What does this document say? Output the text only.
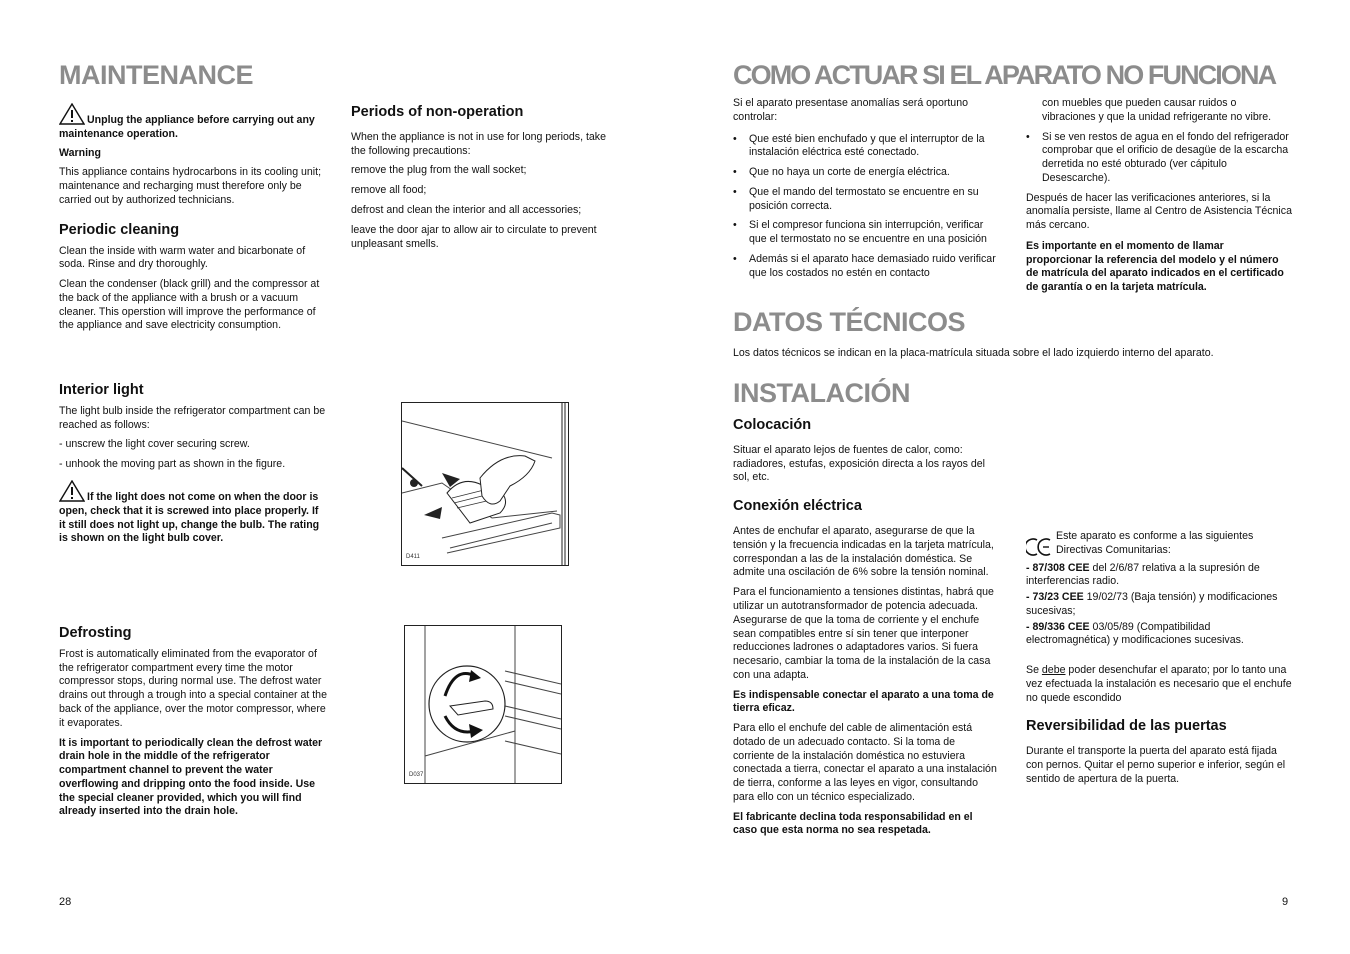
MAINTENANCE

Unplug the appliance before carrying out any maintenance operation.

Warning

This appliance contains hydrocarbons in its cooling unit; maintenance and recharging must therefore only be carried out by authorized technicians.

Periodic cleaning

Clean the inside with warm water and bicarbonate of soda. Rinse and dry thoroughly.

Clean the condenser (black grill) and the compressor at the back of the appliance with a brush or a vacuum cleaner. This operstion will improve the performance of the appliance and save electricity consumption.

Interior light

The light bulb inside the refrigerator compartment can be reached as follows:

- unscrew the light cover securing screw.

- unhook the moving part as shown in the figure.

If the light does not come on when the door is open, check that it is screwed into place properly. If it still does not light up, change the bulb. The rating is shown on the light bulb cover.

Defrosting

Frost is automatically eliminated from the evaporator of the refrigerator compartment every time the motor compressor stops, during normal use. The defrost water drains out through a trough into a special container at the back of the appliance, over the motor compressor, where it evaporates.

It is important to periodically clean the defrost water drain hole in the middle of the refrigerator compartment channel to prevent the water overflowing and dripping onto the food inside. Use the special cleaner provided, which you will find already inserted into the drain hole.

Periods of non-operation

When the appliance is not in use for long periods, take the following precautions:

remove the plug from the wall socket;

remove all food;

defrost and clean the interior and all accessories;

leave the door ajar to allow air to circulate to prevent unpleasant smells.

D411
D037
28
COMO ACTUAR SI EL APARATO NO FUNCIONA

Si el aparato presentase anomalías será oportuno controlar:

• Que esté bien enchufado y que el interruptor de la instalación eléctrica esté conectado.
• Que no haya un corte de energía eléctrica.
• Que el mando del termostato se encuentre en su posición correcta.
• Si el compresor funciona sin interrupción, verificar que el termostato no se encuentre en una posición
• Además si el aparato hace demasiado ruido verificar que los costados no estén en contacto

con muebles que pueden causar ruidos o vibraciones y que la unidad refrigerante no vibre.

• Si se ven restos de agua en el fondo del refrigerador comprobar que el orificio de desagüe de la escarcha derretida no esté obturado (ver cápitulo Desescarche).

Después de hacer las verificaciones anteriores, si la anomalía persiste, llame al Centro de Asistencia Técnica más cercano.

Es importante en el momento de llamar proporcionar la referencia del modelo y el número de matrícula del aparato indicados en el certificado de garantía o en la tarjeta matrícula.

DATOS TÉCNICOS
Los datos técnicos se indican en la placa-matrícula situada sobre el lado izquierdo interno del aparato.
INSTALACIÓN
Colocación

Situar el aparato lejos de fuentes de calor, como: radiadores, estufas, exposición directa a los rayos del sol, etc.

Conexión eléctrica

Antes de enchufar el aparato, asegurarse de que la tensión y la frecuencia indicadas en la tarjeta matrícula, correspondan a las de la instalación doméstica. Se admite una oscilación de 6% sobre la tensión nominal.

Para el funcionamiento a tensiones distintas, habrá que utilizar un autotransformador de potencia adecuada. Asegurarse de que la toma de corriente y el enchufe sean compatibles entre sí sin tener que interponer reducciones ladrones o adaptadores varios. Si fuera necesario, cambiar la toma de la instalación de la casa con una adapta.

Es indispensable conectar el aparato a una toma de tierra eficaz.

Para ello el enchufe del cable de alimentación está dotado de un adecuado contacto. Si la toma de corriente de la instalación doméstica no estuviera conectada a tierra, conectar el aparato a una instalación de tierra, conforme a las leyes en vigor, consultando para ello con un técnico especializado.

El fabricante declina toda responsabilidad en el caso que esta norma no sea respetada.

Este aparato es conforme a las siguientes Directivas Comunitarias:

- 87/308 CEE del 2/6/87 relativa a la supresión de interferencias radio.

- 73/23 CEE 19/02/73 (Baja tensión) y modificaciones sucesivas;

- 89/336 CEE 03/05/89 (Compatibilidad electromagnética) y modificaciones sucesivas.

Se debe poder desenchufar el aparato; por lo tanto una vez efectuada la instalación es necesario que el enchufe no quede escondido

Reversibilidad de las puertas

Durante el transporte la puerta del aparato está fijada con pernos. Quitar el perno superior e inferior, según el sentido de apertura de la puerta.

9
